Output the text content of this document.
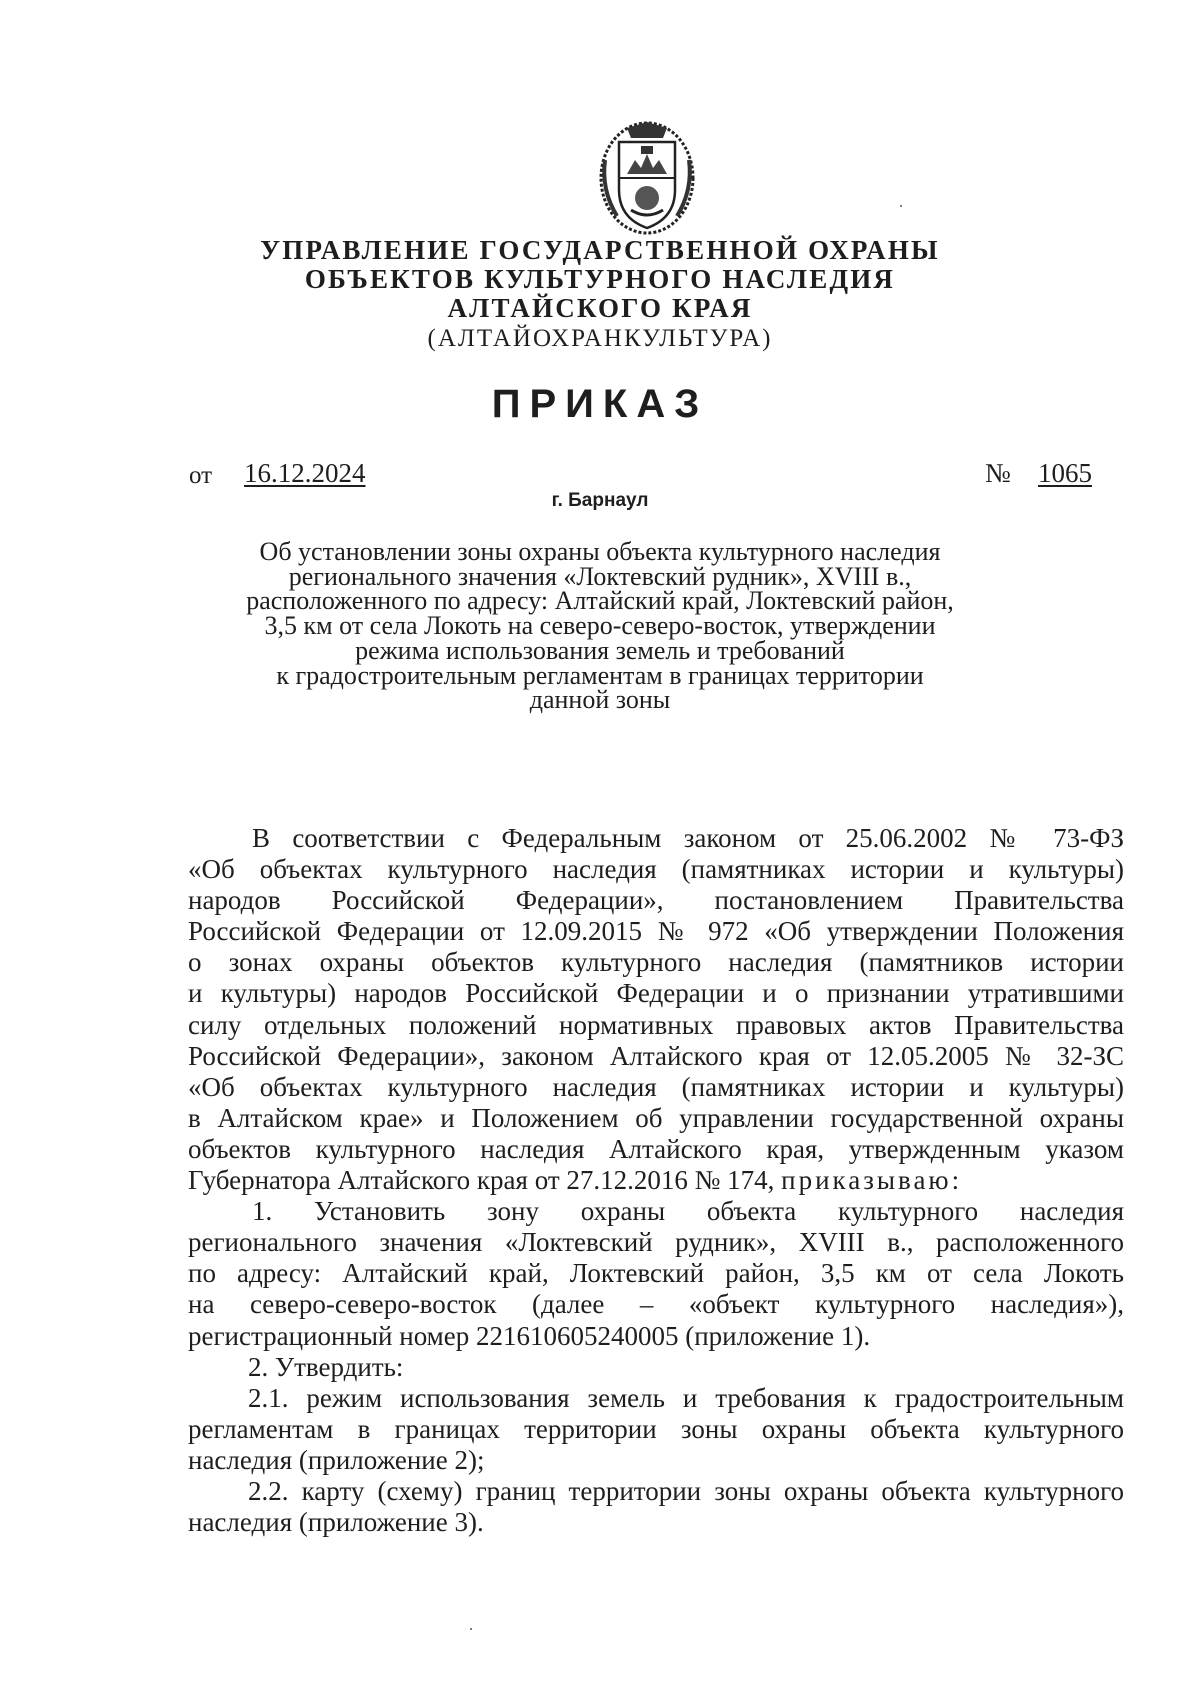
УПРАВЛЕНИЕ ГОСУДАРСТВЕННОЙ ОХРАНЫ
ОБЪЕКТОВ КУЛЬТУРНОГО НАСЛЕДИЯ
АЛТАЙСКОГО КРАЯ
(АЛТАЙОХРАНКУЛЬТУРА)
ПРИКАЗ
от 16.12.2024	№ 1065
г. Барнаул
Об установлении зоны охраны объекта культурного наследия
регионального значения «Локтевский рудник», XVIII в.,
расположенного по адресу: Алтайский край, Локтевский район,
3,5 км от села Локоть на северо-северо-восток, утверждении
режима использования земель и требований
к градостроительным регламентам в границах территории
данной зоны
В соответствии с Федеральным законом от 25.06.2002 № 73-ФЗ
«Об объектах культурного наследия (памятниках истории и культуры)
народов Российской Федерации», постановлением Правительства
Российской Федерации от 12.09.2015 № 972 «Об утверждении Положения
о зонах охраны объектов культурного наследия (памятников истории
и культуры) народов Российской Федерации и о признании утратившими
силу отдельных положений нормативных правовых актов Правительства
Российской Федерации», законом Алтайского края от 12.05.2005 № 32-ЗС
«Об объектах культурного наследия (памятниках истории и культуры)
в Алтайском крае» и Положением об управлении государственной охраны
объектов культурного наследия Алтайского края, утвержденным указом
Губернатора Алтайского края от 27.12.2016 № 174, приказываю:
1. Установить зону охраны объекта культурного наследия
регионального значения «Локтевский рудник», XVIII в., расположенного
по адресу: Алтайский край, Локтевский район, 3,5 км от села Локоть
на северо-северо-восток (далее – «объект культурного наследия»),
регистрационный номер 221610605240005 (приложение 1).
2. Утвердить:
2.1. режим использования земель и требования к градостроительным
регламентам в границах территории зоны охраны объекта культурного
наследия (приложение 2);
2.2. карту (схему) границ территории зоны охраны объекта культурного
наследия (приложение 3).
